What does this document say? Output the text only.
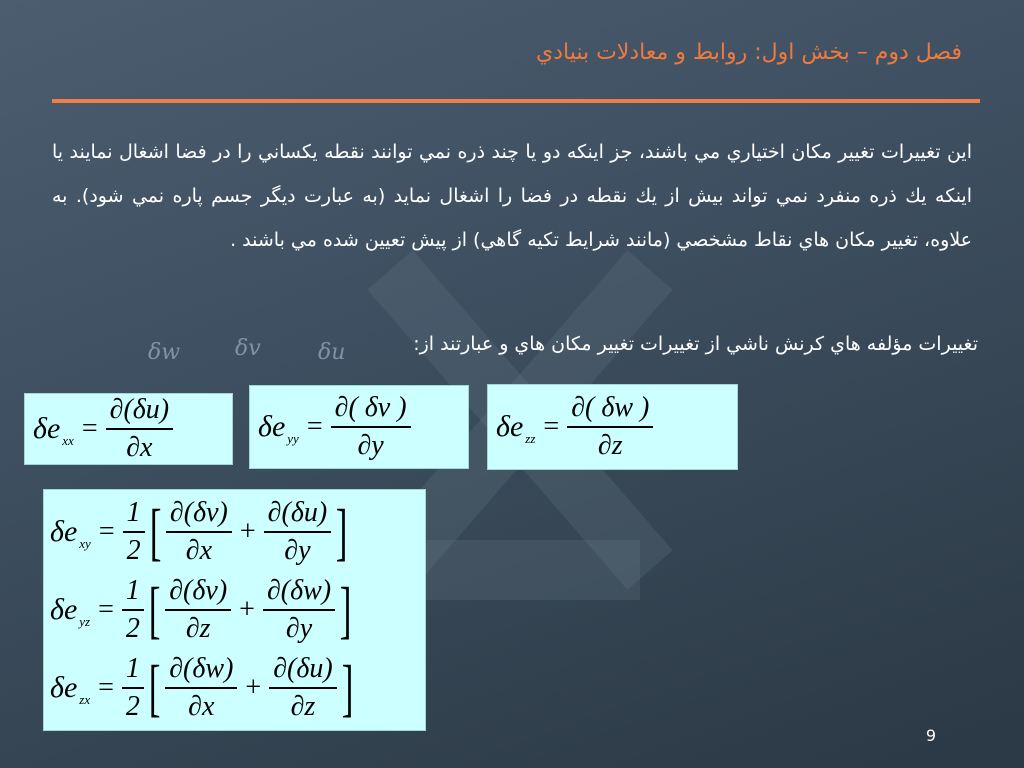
فصل دوم – بخش اول: روابط و معادلات بنيادي
اين تغييرات تغيير مكان اختياري مي باشند، جز اينكه دو يا چند ذره نمي توانند نقطه يكساني را در فضا اشغال نمايند يا اينكه يك ذره منفرد نمي تواند بيش از يك نقطه در فضا را اشغال نمايد (به عبارت ديگر جسم پاره نمي شود). به علاوه، تغيير مكان هاي نقاط مشخصي (مانند شرايط تكيه گاهي) از پيش تعيين شده مي باشند .
تغييرات مؤلفه هاي كرنش ناشي از تغييرات تغيير مكان هاي و عبارتند از:
δw δv	δu
δe xx = $\frac{\partial(\delta u)}{\partial x}$	δe yy = $\frac{\partial( \delta v )}{\partial y}$	δe zz = $\frac{\partial( \delta w )}{\partial z}$
δe xy = $\frac{1}{2}$ [ $\frac{\partial(\delta v)}{\partial x} + \frac{\partial(\delta u)}{\partial y}$ ]
δe yz = $\frac{1}{2}$ [ $\frac{\partial(\delta v)}{\partial z} + \frac{\partial(\delta w)}{\partial y}$ ]
δe zx = $\frac{1}{2}$ [ $\frac{\partial(\delta w)}{\partial x} + \frac{\partial(\delta u)}{\partial z}$ ]
9
